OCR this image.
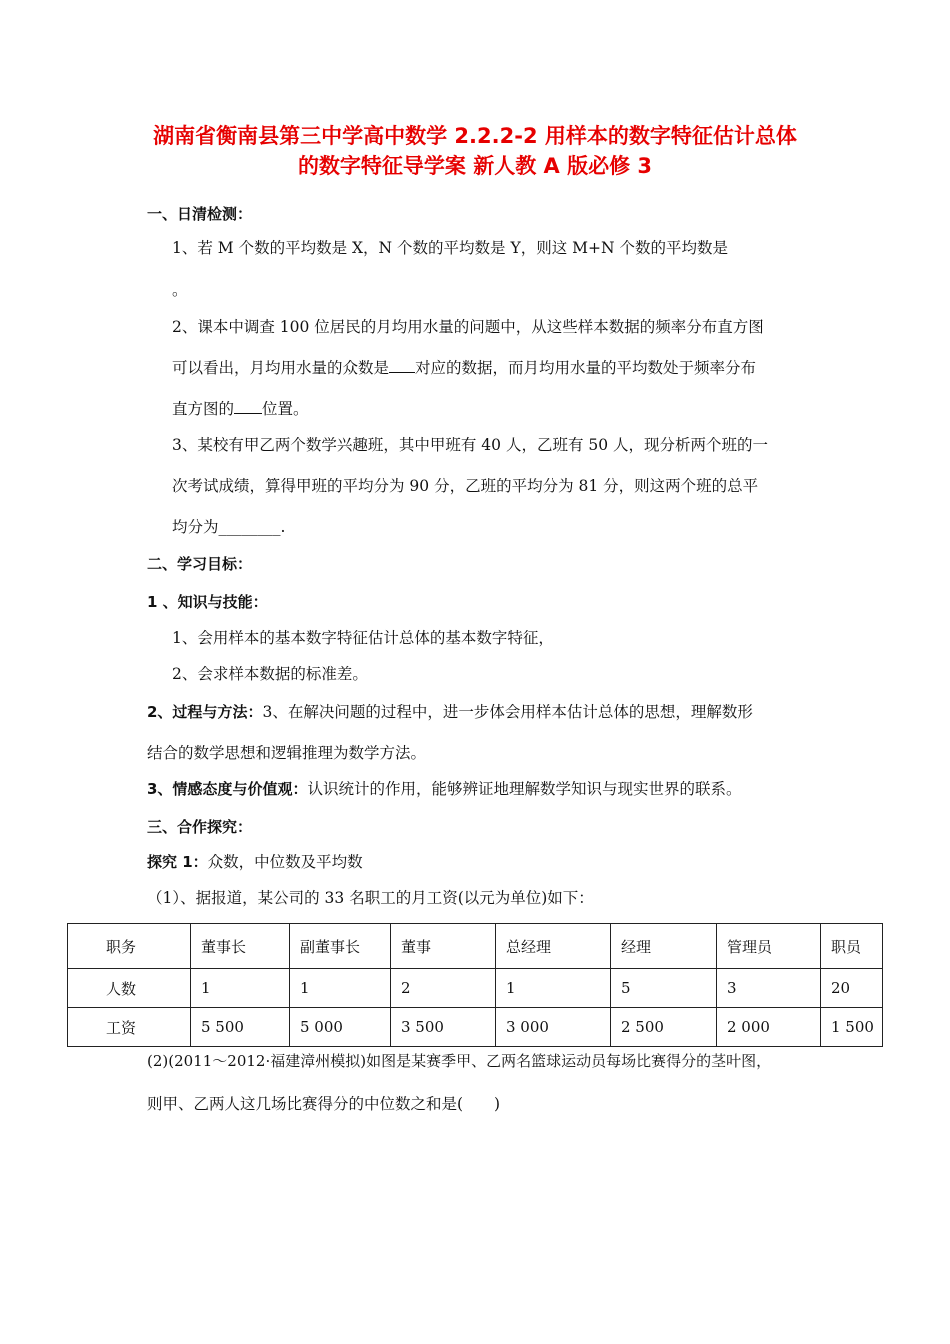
湖南省衡南县第三中学高中数学 2.2.2-2 用样本的数字特征估计总体
的数字特征导学案 新人教 A 版必修 3
一、日清检测：
1、若 M 个数的平均数是 X，N 个数的平均数是 Y，则这 M+N 个数的平均数是
。
2、课本中调查 100 位居民的月均用水量的问题中，从这些样本数据的频率分布直方图
可以看出，月均用水量的众数是 对应的数据，而月均用水量的平均数处于频率分布
直方图的 位置。
3、某校有甲乙两个数学兴趣班，其中甲班有 40 人，乙班有 50 人，现分析两个班的一
次考试成绩，算得甲班的平均分为 90 分，乙班的平均分为 81 分，则这两个班的总平
均分为________.
二、学习目标：
1 、知识与技能：
1、会用样本的基本数字特征估计总体的基本数字特征，
2、会求样本数据的标准差。
2、过程与方法：3、在解决问题的过程中，进一步体会用样本估计总体的思想，理解数形
结合的数学思想和逻辑推理为数学方法。
3、情感态度与价值观：认识统计的作用，能够辨证地理解数学知识与现实世界的联系。
三、合作探究：
探究 1：众数，中位数及平均数
（1）、据报道，某公司的 33 名职工的月工资(以元为单位)如下：
职务	董事长	副董事长	董事	总经理	经理	管理员	职员
人数	1	1	2	1	5	3	20
工资	5 500	5 000	3 500	3 000	2 500	2 000	1 500
(2)(2011～2012·福建漳州模拟)如图是某赛季甲、乙两名篮球运动员每场比赛得分的茎叶图，
则甲、乙两人这几场比赛得分的中位数之和是(　　)
